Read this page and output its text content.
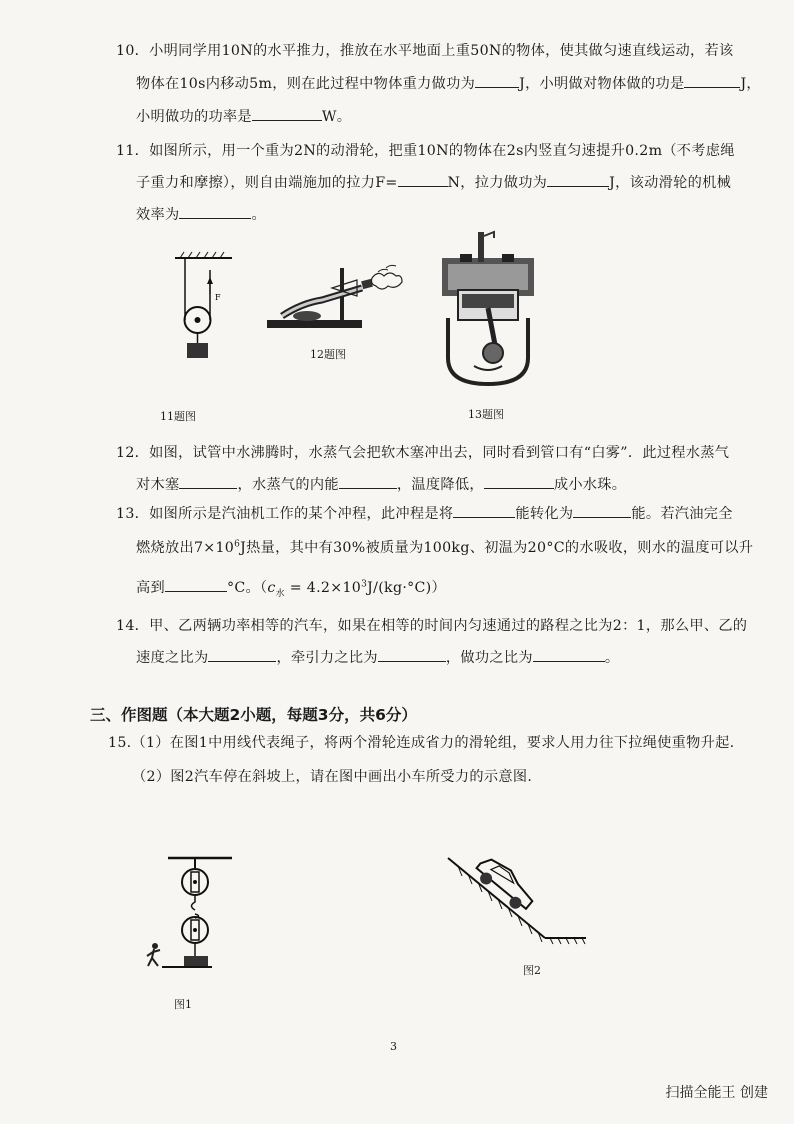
10．小明同学用10N的水平推力，推放在水平地面上重50N的物体，使其做匀速直线运动，若该
物体在10s内移动5m，则在此过程中物体重力做功为	J，小明做对物体做的功是	J，
小明做功的功率是	W。
11．如图所示，用一个重为2N的动滑轮，把重10N的物体在2s内竖直匀速提升0.2m（不考虑绳
子重力和摩擦），则自由端施加的拉力F=	N，拉力做功为	J，该动滑轮的机械
效率为	。
F
11题图
12题图
13题图
12．如图，试管中水沸腾时，水蒸气会把软木塞冲出去，同时看到管口有“白雾”．此过程水蒸气
对木塞	，水蒸气的内能	，温度降低，	成小水珠。
13．如图所示是汽油机工作的某个冲程，此冲程是将	能转化为	能。若汽油完全
燃烧放出$7\times 10^6J$热量，其中有30%被质量为100kg、初温为20°C的水吸收，则水的温度可以升
高到	°C。$(c_水 = 4.2\times 10^3J/(kg\cdot^\circ C))$
14．甲、乙两辆功率相等的汽车，如果在相等的时间内匀速通过的路程之比为2：1，那么甲、乙的
速度之比为	，牵引力之比为	，做功之比为	。
三、作图题（本大题2小题，每题3分，共6分）
15.（1）在图1中用线代表绳子，将两个滑轮连成省力的滑轮组，要求人用力往下拉绳使重物升起.
（2）图2汽车停在斜坡上，请在图中画出小车所受力的示意图.
图1
图2
3
扫描全能王 创建
